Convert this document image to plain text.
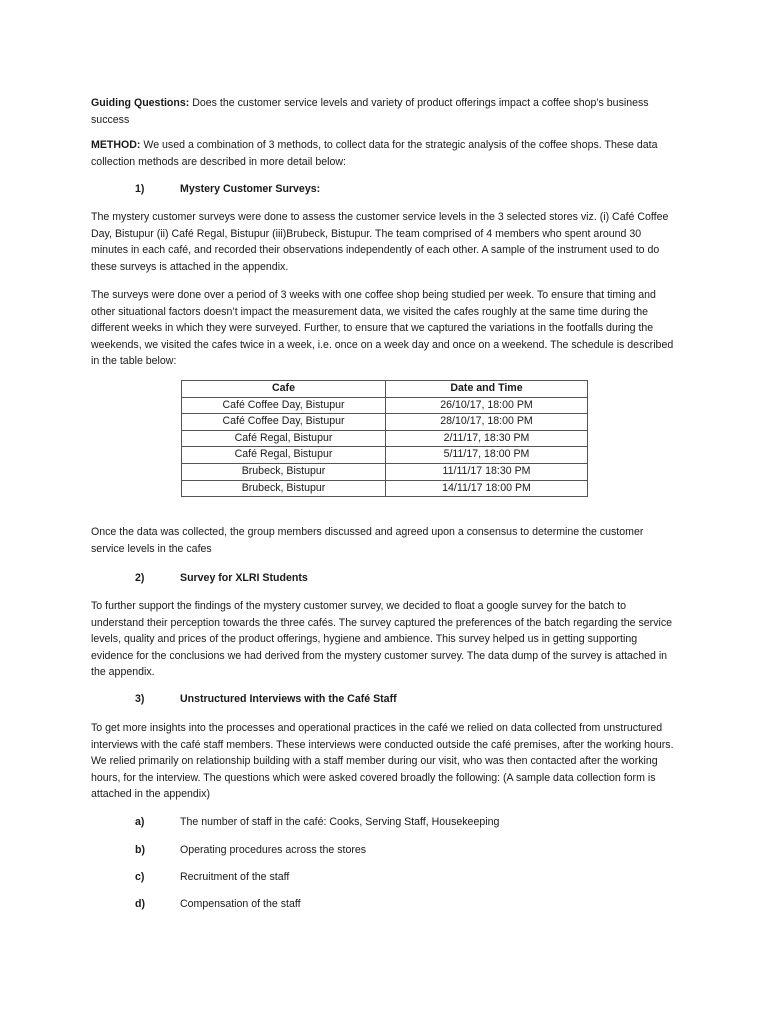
Guiding Questions: Does the customer service levels and variety of product offerings impact a coffee shop’s business success

METHOD: We used a combination of 3 methods, to collect data for the strategic analysis of the coffee shops. These data collection methods are described in more detail below:

1)	Mystery Customer Surveys:

The mystery customer surveys were done to assess the customer service levels in the 3 selected stores viz. (i) Café Coffee Day, Bistupur (ii) Café Regal, Bistupur (iii)Brubeck, Bistupur. The team comprised of 4 members who spent around 30 minutes in each café, and recorded their observations independently of each other. A sample of the instrument used to do these surveys is attached in the appendix.

The surveys were done over a period of 3 weeks with one coffee shop being studied per week. To ensure that timing and other situational factors doesn’t impact the measurement data, we visited the cafes roughly at the same time during the different weeks in which they were surveyed. Further, to ensure that we captured the variations in the footfalls during the weekends, we visited the cafes twice in a week, i.e. once on a week day and once on a weekend. The schedule is described in the table below:

Cafe	Date and Time
Café Coffee Day, Bistupur	26/10/17, 18:00 PM
Café Coffee Day, Bistupur	28/10/17, 18:00 PM
Café Regal, Bistupur	2/11/17, 18:30 PM
Café Regal, Bistupur	5/11/17, 18:00 PM
Brubeck, Bistupur	11/11/17 18:30 PM
Brubeck, Bistupur	14/11/17 18:00 PM

Once the data was collected, the group members discussed and agreed upon a consensus to determine the customer service levels in the cafes

2)	Survey for XLRI Students

To further support the findings of the mystery customer survey, we decided to float a google survey for the batch to understand their perception towards the three cafés. The survey captured the preferences of the batch regarding the service levels, quality and prices of the product offerings, hygiene and ambience. This survey helped us in getting supporting evidence for the conclusions we had derived from the mystery customer survey. The data dump of the survey is attached in the appendix.

3)	Unstructured Interviews with the Café Staff

To get more insights into the processes and operational practices in the café we relied on data collected from unstructured interviews with the café staff members. These interviews were conducted outside the café premises, after the working hours. We relied primarily on relationship building with a staff member during our visit, who was then contacted after the working hours, for the interview. The questions which were asked covered broadly the following: (A sample data collection form is attached in the appendix)

a)	The number of staff in the café: Cooks, Serving Staff, Housekeeping

b)	Operating procedures across the stores

c)	Recruitment of the staff

d)	Compensation of the staff
